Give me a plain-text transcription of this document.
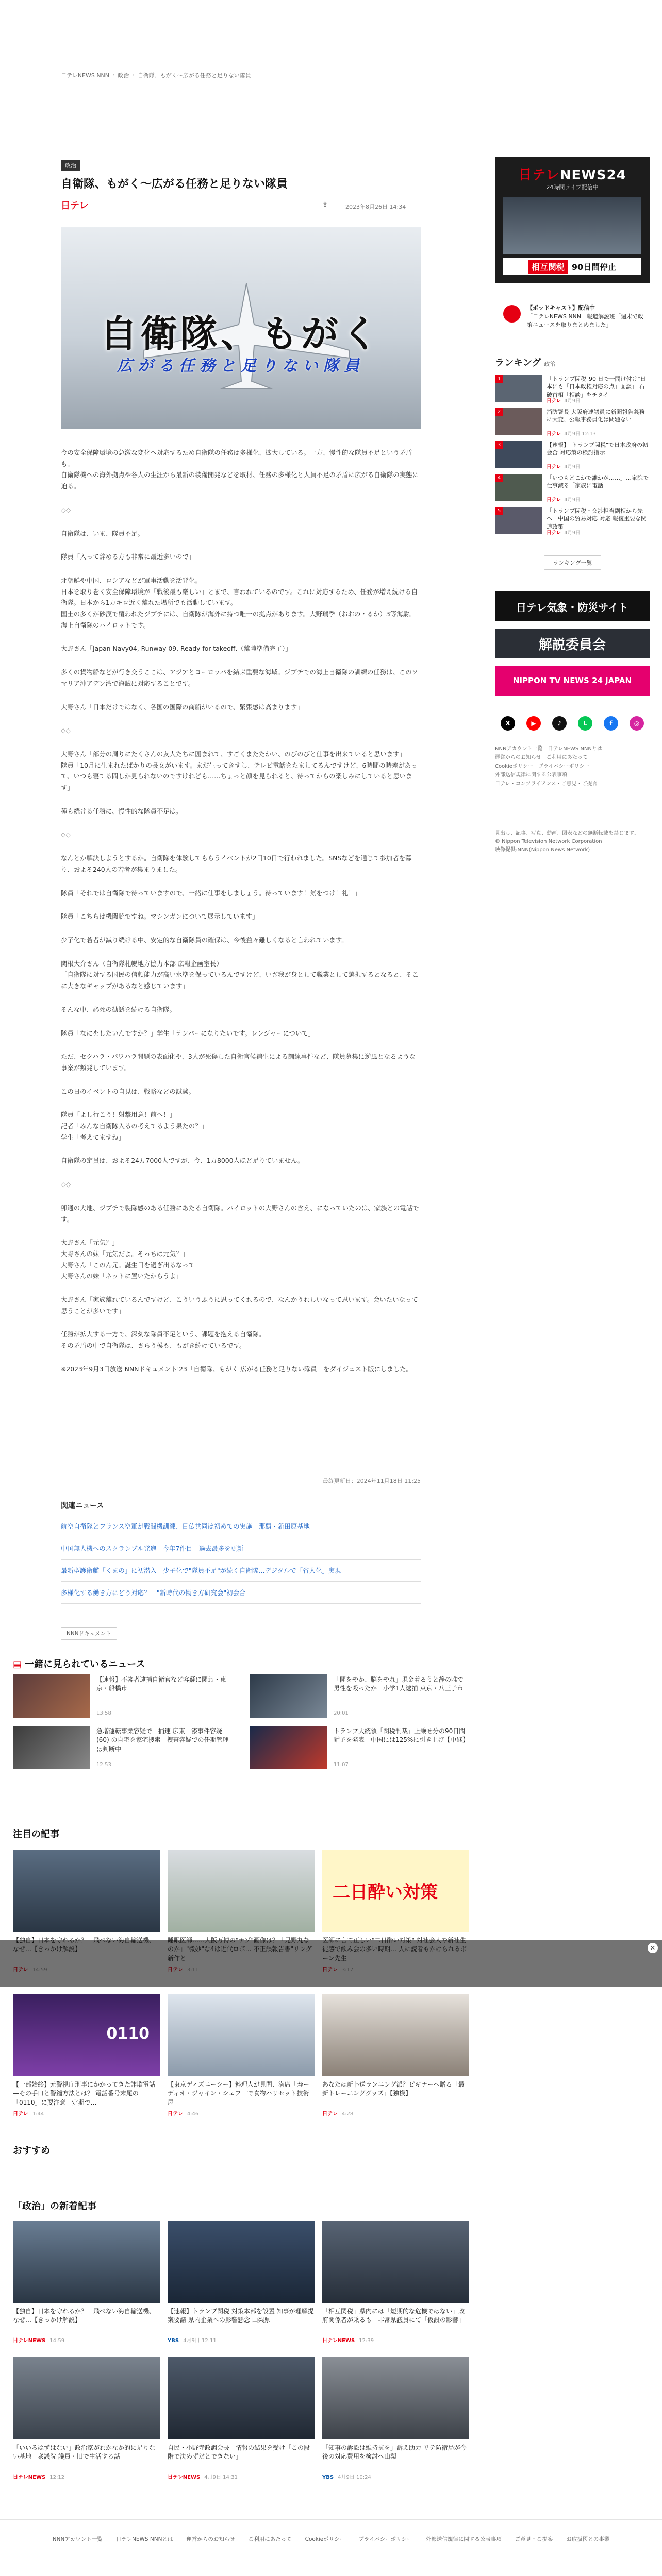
日テレNEWS NNN › 政治 › 自衛隊、もがく～広がる任務と足りない隊員
政治
自衛隊、もがく～広がる任務と足りない隊員
日テレ	⇪	2023年8月26日 14:34
自衛隊、もがく
広がる任務と足りない隊員

今の安全保障環境の急激な変化へ対応するため自衛隊の任務は多様化、拡大している。一方、慢性的な隊員不足という矛盾も。
自衛隊機への海外拠点や各人の生涯から最新の装備開発などを取材、任務の多様化と人員不足の矛盾に広がる自衛隊の実態に迫る。

◇◇

自衛隊は、いま、隊員不足。

隊員「入って辞める方も非常に最近多いので」

北朝鮮や中国、ロシアなどが軍事活動を活発化。
日本を取り巻く安全保障環境が「戦後最も厳しい」とまで、言われているのです。これに対応するため、任務が増え続ける自衛隊。日本から1万キロ近く離れた場所でも活動しています。
国土の多くが砂漠で覆われたジブチには、自衛隊が海外に持つ唯一の拠点があります。大野瑞季（おおの・るか）3等海尉。海上自衛隊のパイロットです。

大野さん「Japan Navy04, Runway 09, Ready for takeoff.（離陸準備完了）」

多くの貨物船などが行き交うここは、アジアとヨーロッパを結ぶ重要な海域。ジブチでの海上自衛隊の訓練の任務は、このソマリア沖アデン湾で海賊に対応することです。

大野さん「日本だけではなく、各国の国際の商船がいるので、緊張感は高まります」

◇◇

大野さん「部分の周りにたくさんの友人たちに囲まれて、すごくまたたかい、のびのびと仕事を出来ていると思います」
隊員「10月に生まれたばかりの長女がいます。まだ生ってきすし、テレビ電話をたましてるんですけど、6時間の時差があって、いつも寝てる間しか見られないのですけれども……ちょっと顔を見られると、待ってからの楽しみにしていると思います」

種も続ける任務に、慢性的な隊員不足は。

◇◇

なんとか解決しようとするか。自衛隊を体験してもらうイベントが2日10日で行われました。SNSなどを通じて参加者を募り、およそ240人の若者が集まりました。

隊員「それでは自衛隊で待っていますので、一緒に仕事をしましょう。待っています！気をつけ！礼！」

隊員「こちらは機関銃ですね。マシンガンについて展示しています」

少子化で若者が減り続ける中、安定的な自衛隊員の確保は、今後益々難しくなると言われています。

関根大介さん（自衛隊札幌地方協力本部 広報企画室長）
「自衛隊に対する国民の信頼能力が高い水準を保っているんですけど、いざ我が身として職業として選択するとなると、そこに大きなギャップがあるなと感じています」

そんな中、必死の勧誘を続ける自衛隊。

隊員「なにをしたいんですか？」学生「テンパーになりたいです。レンジャーについて」

ただ、セクハラ・パワハラ問題の表面化や、3人が死傷した自衛官候補生による訓練事件など、隊員募集に逆風となるような事案が頻発しています。

この日のイベントの自見は、戦略などの試験。

隊員「よし行こう！射撃用意！前へ！」
記者「みんな自衛隊入るの考えてるよう果たの？」
学生「考えてますね」

自衛隊の定員は、およそ24万7000人ですが、今、1万8000人ほど足りていません。

◇◇

卯通の大地、ジブチで製隊感のある任務にあたる自衛隊。パイロットの大野さんの含え、になっていたのは、家族との電話です。

大野さん「元気？」
大野さんの妹「元気だよ。そっちは元気？」
大野さん「このん元。誕生日を過ぎ出るなって」
大野さんの妹「ネットに置いたからうよ」

大野さん「家族離れているんですけど、こういうふうに思ってくれるので、なんかうれしいなって思います。会いたいなって思うことが多いです」

任務が拡大する一方で、深刻な隊員不足という、課題を抱える自衛隊。
その矛盾の中で自衛隊は、さらう模も、もがき続けているです。

※2023年9月3日放送 NNNドキュメント'23「自衛隊、もがく 広がる任務と足りない隊員」をダイジェスト版にしました。

最終更新日：2024年11月18日 11:25
関連ニュース
航空自衛隊とフランス空軍が戦闘機訓練、日仏共同は初めての実施　那覇・新田原基地
中国無人機へのスクランブル発進　今年7件目　過去最多を更新
最新型護衛艦「くまの」に初潜入　少子化で"隊員不足"が続く自衛隊…デジタルで「省人化」実現
多様化する働き方にどう対応？　"新時代の働き方研究会"初会合
NNNドキュメント
▤ 一緒に見られているニュース
【速報】不審者逮捕自衛官など容疑に関わ・東京・船橋市
13:58
「開をやか、脳をやれ」現金着るうと静の唯で男性を殴ったか　小学1人逮捕 東京・八王子市
20:01
急増運転事業容疑で　捕連 広東　漆事件容疑 (60) の自宅を家宅捜索　捜査容疑での任期管理は判断中
12:53
トランプ大統領「関税制裁」上乗せ分の90日間猶予を発表　中国には125%に引き上げ【中継】
11:07
注目の記事
二日酔い対策
0110
【一部始終】元警視庁刑事にかかってきた詐欺電話―その手口と警鐘方法とは？ 電話番号末尾の「0110」に要注意　定期で…
日テレ 1:44
【東京ディズニーシー】料理人が見問、満席「寿ーディオ・ジャイン・シェフ」で食物ハリセット技術屋
日テレ 4:46
あなたは新卜送ランニング派？ピギナーへ贈る「最新トレーニンググッズ」【独模】
日テレ 4:28
✕
おすすめ
「政治」の新着記事
【独自】日本を守れるか？　飛べない海自輸送機、なぜ…【きっかけ解説】
日テレNEWS 14:59
【速報】トランプ関税 対策本部を設置 知事が理解提案要請 県内企業への影響懸念 山梨県
YBS 4月9日 12:11
「相互関税」県内には「短期的な危機ではない」政府関係者が乗るも　非常県議員にて「仮設の影響」
日テレNEWS 12:39
「いいるはずはない」政治家がれかなか的に足りない基地　衆議院 議員・旧で生活する話
日テレNEWS 12:12
自民・小野寺政調会長　情報の結果を受け「この段階で決めずだとできない」
日テレNEWS 4月9日 14:31
「知事の訴訟は維持抗を」訴え助力 リテ防衛局が今後の対応費用を検討へ山梨
YBS 4月9日 10:24
日テレNEWS24
24時間ライブ配信中
相互関税 90日間停止
【ポッドキャスト】配信中
「日テレNEWS NNN」報道解説班「週末で政策ニュースを取りまとめました」
ランキング 政治
1	「トランプ関税"90 日で一問け付け"日本にも「日本政権対応の点」面談」 石破首相「相談」をチタイ
日テレ 4月9日
2	消防署長 大阪府連議員に新聞報告義務に大変、公報事務員化は問題ない
日テレ 4月9日 12:13
3	【速報】"トランプ関税"で日本政府の初会合 対応策の検討指示
日テレ 4月9日
4	「いつもどこかで誰かが……」…衆院で仕事減る「家族に電話」
日テレ 4月9日
5	「トランプ関税・交渉担当副相から先へ」中国の貿易対応 対応 報復重要な関連政策
日テレ 4月9日
ランキング一覧
日テレ気象・防災サイト
解説委員会
NIPPON TV NEWS 24 JAPAN
X	▶	♪	L	f	◎
NNNアカウント一覧　日テレNEWS NNNとは
運営からのお知らせ　ご利用にあたって
Cookieポリシー　プライバシーポリシー
外部送信規律に関する公表事項
日テレ・コンプライアンス・ご意見・ご提言
見出し、記事、写真、動画、図表などの無断転載を禁じます。
© Nippon Television Network Corporation
映像提供:NNN(Nippon News Network)
NNNアカウント一覧 日テレNEWS NNNとは 運営からのお知らせ ご利用にあたって Cookieポリシー プライバシーポリシー 外部送信規律に関する公表事項 ご意見・ご提案 お取扱図との事業
